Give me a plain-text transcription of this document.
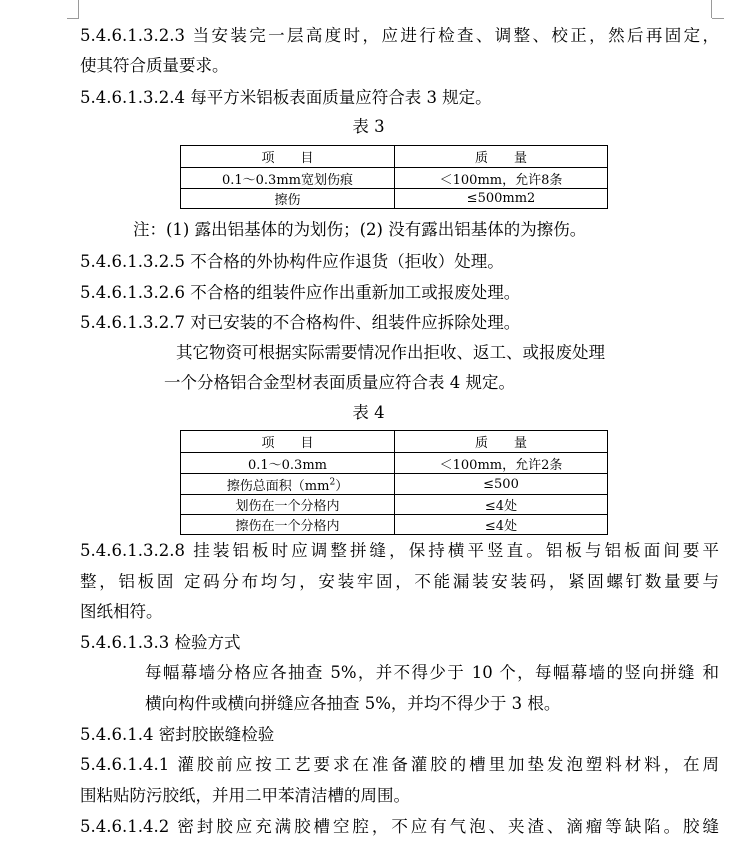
5.4.6.1.3.2.3 当安装完一层高度时，应进行检查、调整、校正，然后再固定，
使其符合质量要求。
5.4.6.1.3.2.4 每平方米铝板表面质量应符合表 3 规定。
表 3
项　　目	质　　量
0.1～0.3mm宽划伤痕	＜100mm，允许8条
擦伤	≤500mm2
注：(1) 露出铝基体的为划伤；(2) 没有露出铝基体的为擦伤。
5.4.6.1.3.2.5 不合格的外协构件应作退货（拒收）处理。
5.4.6.1.3.2.6 不合格的组装件应作出重新加工或报废处理。
5.4.6.1.3.2.7 对已安装的不合格构件、组装件应拆除处理。
其它物资可根据实际需要情况作出拒收、返工、或报废处理
一个分格铝合金型材表面质量应符合表 4 规定。
表 4
项　　目	质　　量
0.1～0.3mm	＜100mm，允许2条
擦伤总面积$(mm^2)$	≤500
划伤在一个分格内	≤4处
擦伤在一个分格内	≤4处
5.4.6.1.3.2.8 挂装铝板时应调整拼缝，保持横平竖直。铝板与铝板面间要平
整，铝板固 定码分布均匀，安装牢固，不能漏装安装码，紧固螺钉数量要与
图纸相符。
5.4.6.1.3.3 检验方式
每幅幕墙分格应各抽查 5%，并不得少于 10 个，每幅幕墙的竖向拼缝 和
横向构件或横向拼缝应各抽查 5%，并均不得少于 3 根。
5.4.6.1.4 密封胶嵌缝检验
5.4.6.1.4.1 灌胶前应按工艺要求在准备灌胶的槽里加垫发泡塑料材料，在周
围粘贴防污胶纸，并用二甲苯清洁槽的周围。
5.4.6.1.4.2 密封胶应充满胶槽空腔，不应有气泡、夹渣、滴瘤等缺陷。胶缝
